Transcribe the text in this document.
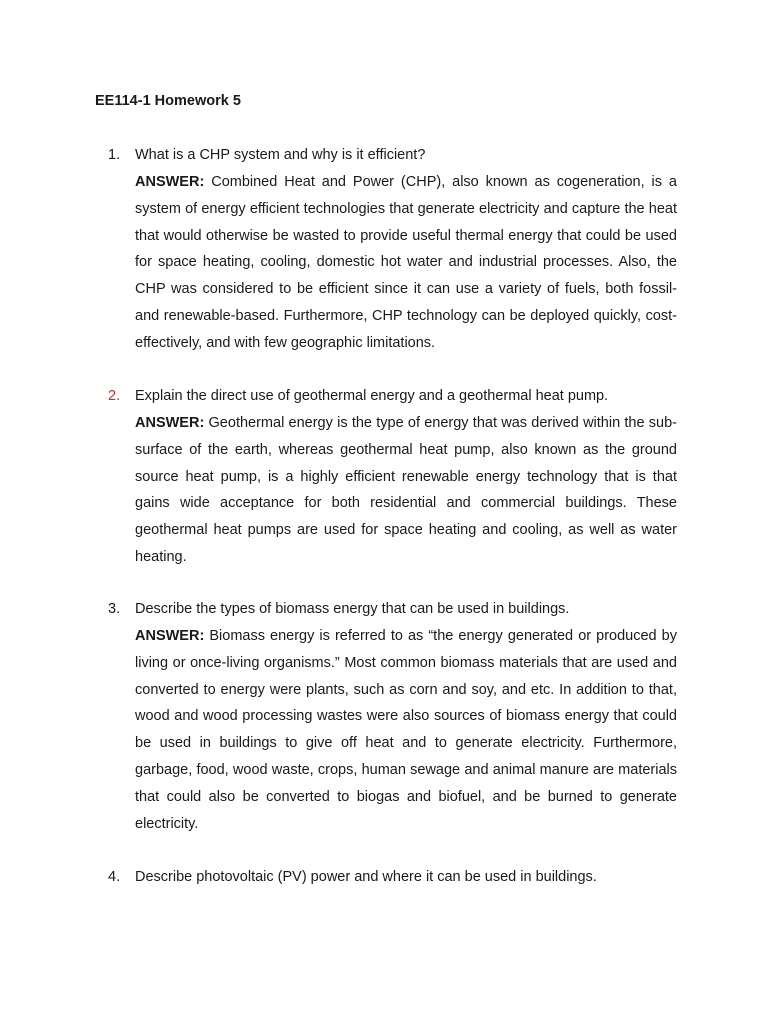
EE114-1 Homework 5
1.	What is a CHP system and why is it efficient?
ANSWER: Combined Heat and Power (CHP), also known as cogeneration, is a system of energy efficient technologies that generate electricity and capture the heat that would otherwise be wasted to provide useful thermal energy that could be used for space heating, cooling, domestic hot water and industrial processes. Also, the CHP was considered to be efficient since it can use a variety of fuels, both fossil- and renewable-based. Furthermore, CHP technology can be deployed quickly, cost-effectively, and with few geographic limitations.
2.	Explain the direct use of geothermal energy and a geothermal heat pump.
ANSWER: Geothermal energy is the type of energy that was derived within the sub-surface of the earth, whereas geothermal heat pump, also known as the ground source heat pump, is a highly efficient renewable energy technology that is that gains wide acceptance for both residential and commercial buildings. These geothermal heat pumps are used for space heating and cooling, as well as water heating.
3.	Describe the types of biomass energy that can be used in buildings.
ANSWER: Biomass energy is referred to as “the energy generated or produced by living or once-living organisms.” Most common biomass materials that are used and converted to energy were plants, such as corn and soy, and etc. In addition to that, wood and wood processing wastes were also sources of biomass energy that could be used in buildings to give off heat and to generate electricity. Furthermore, garbage, food, wood waste, crops, human sewage and animal manure are materials that could also be converted to biogas and biofuel, and be burned to generate electricity.
4.	Describe photovoltaic (PV) power and where it can be used in buildings.
